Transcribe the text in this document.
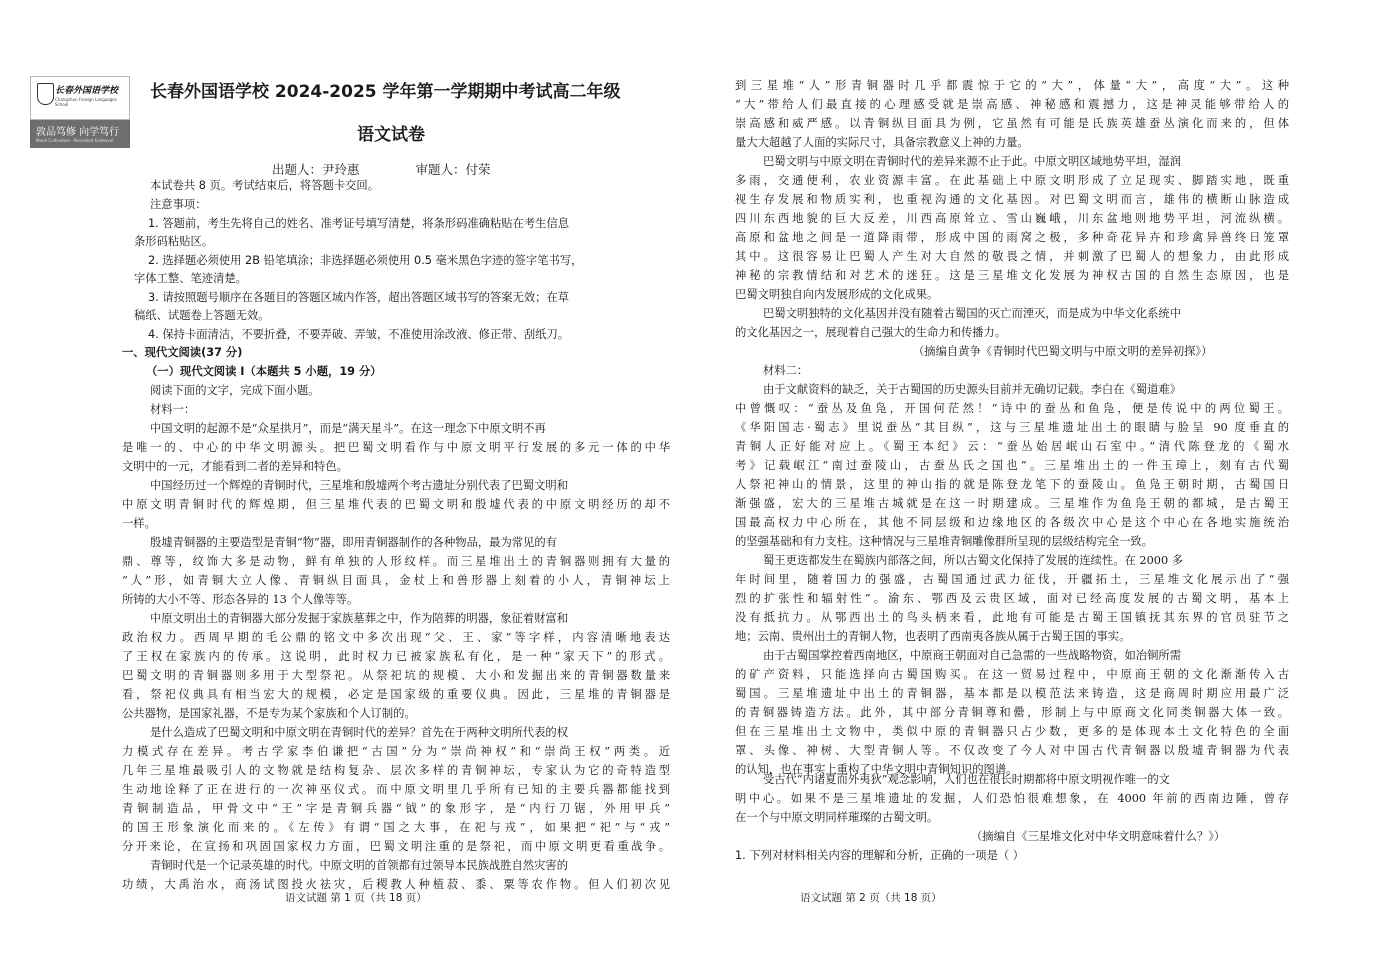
长春外国语学校
Changchun Foreign Languages School
敦品笃修 向学笃行
Moral Cultivation · Persistent Endeavor
长春外国语学校 2024-2025 学年第一学期期中考试高二年级
语文试卷
出题人：尹玲惠	审题人：付荣
本试卷共 8 页。考试结束后，将答题卡交回。
注意事项：
1. 答题前，考生先将自己的姓名、准考证号填写清楚，将条形码准确粘贴在考生信息
条形码粘贴区。
2. 选择题必须使用 2B 铅笔填涂；非选择题必须使用 0.5 毫米黑色字迹的签字笔书写，
字体工整、笔迹清楚。
3. 请按照题号顺序在各题目的答题区域内作答，超出答题区域书写的答案无效；在草
稿纸、试题卷上答题无效。
4. 保持卡面清洁，不要折叠，不要弄破、弄皱，不准使用涂改液、修正带、刮纸刀。
一、现代文阅读(37 分)
（一）现代文阅读 I（本题共 5 小题，19 分）
阅读下面的文字，完成下面小题。
材料一：
中国文明的起源不是“众星拱月”，而是“满天星斗”。在这一理念下中原文明不再
是唯一的、中心的中华文明源头。把巴蜀文明看作与中原文明平行发展的多元一体的中华
文明中的一元，才能看到二者的差异和特色。
中国经历过一个辉煌的青铜时代，三星堆和殷墟两个考古遗址分别代表了巴蜀文明和
中原文明青铜时代的辉煌期，但三星堆代表的巴蜀文明和殷墟代表的中原文明经历的却不
一样。
殷墟青铜器的主要造型是青铜“物”器，即用青铜器制作的各种物品，最为常见的有
鼎、尊等，纹饰大多是动物，鲜有单独的人形纹样。而三星堆出土的青铜器则拥有大量的
“人”形，如青铜大立人像、青铜纵目面具，金杖上和兽形器上刻着的小人，青铜神坛上
所铸的大小不等、形态各异的 13 个人像等等。
中原文明出土的青铜器大部分发掘于家族墓葬之中，作为陪葬的明器，象征着财富和
政治权力。西周早期的毛公鼎的铭文中多次出现“父、王、家”等字样，内容清晰地表达
了王权在家族内的传承。这说明，此时权力已被家族私有化，是一种“家天下”的形式。
巴蜀文明的青铜器则多用于大型祭祀。从祭祀坑的规模、大小和发掘出来的青铜器数量来
看，祭祀仪典具有相当宏大的规模，必定是国家级的重要仪典。因此，三星堆的青铜器是
公共器物，是国家礼器，不是专为某个家族和个人订制的。
是什么造成了巴蜀文明和中原文明在青铜时代的差异？首先在于两种文明所代表的权
力模式存在差异。考古学家李伯谦把“古国”分为“崇尚神权”和“崇尚王权”两类。近
几年三星堆最吸引人的文物就是结构复杂、层次多样的青铜神坛，专家认为它的奇特造型
生动地诠释了正在进行的一次神巫仪式。而中原文明里几乎所有已知的主要兵器都能找到
青铜制造品，甲骨文中“王”字是青铜兵器“钺”的象形字，是“内行刀锯，外用甲兵”
的国王形象演化而来的。《左传》有谓“国之大事，在祀与戎”，如果把“祀”与“戎”
分开来论，在宣扬和巩固国家权力方面，巴蜀文明注重的是祭祀，而中原文明更看重战争。
青铜时代是一个记录英雄的时代。中原文明的首领都有过领导本民族战胜自然灾害的
功绩，大禹治水，商汤试图投火祛灾，后稷教人种植菽、黍、粟等农作物。但人们初次见
到三星堆“人”形青铜器时几乎都震惊于它的“大”，体量“大”，高度“大”。这种
“大”带给人们最直接的心理感受就是崇高感、神秘感和震撼力，这是神灵能够带给人的
崇高感和威严感。以青铜纵目面具为例，它虽然有可能是氏族英雄蚕丛演化而来的，但体
量大大超越了人面的实际尺寸，具备宗教意义上神的力量。
巴蜀文明与中原文明在青铜时代的差异来源不止于此。中原文明区域地势平坦，湿润
多雨，交通便利，农业资源丰富。在此基础上中原文明形成了立足现实、脚踏实地，既重
视生存发展和物质实利，也重视沟通的文化基因。对巴蜀文明而言，雄伟的横断山脉造成
四川东西地貌的巨大反差，川西高原耸立、雪山巍峨，川东盆地则地势平坦，河流纵横。
高原和盆地之间是一道降雨带，形成中国的雨窝之极，多种奇花异卉和珍禽异兽终日笼罩
其中。这很容易让巴蜀人产生对大自然的敬畏之情，并刺激了巴蜀人的想象力，由此形成
神秘的宗教情结和对艺术的迷狂。这是三星堆文化发展为神权古国的自然生态原因，也是
巴蜀文明独自向内发展形成的文化成果。
巴蜀文明独特的文化基因并没有随着古蜀国的灭亡而湮灭，而是成为中华文化系统中
的文化基因之一，展现着自己强大的生命力和传播力。
（摘编自黄争《青铜时代巴蜀文明与中原文明的差异初探》）
材料二：
由于文献资料的缺乏，关于古蜀国的历史源头目前并无确切记载。李白在《蜀道难》
中曾慨叹：“蚕丛及鱼凫，开国何茫然！”诗中的蚕丛和鱼凫，便是传说中的两位蜀王。
《华阳国志·蜀志》里说蚕丛“其目纵”，这与三星堆遗址出土的眼睛与脸呈 90 度垂直的
青铜人正好能对应上。《蜀王本纪》云：“蚕丛始居岷山石室中。”清代陈登龙的《蜀水
考》记载岷江“南过蚕陵山，古蚕丛氏之国也”。三星堆出土的一件玉璋上，刻有古代蜀
人祭祀神山的情景，这里的神山指的就是陈登龙笔下的蚕陵山。鱼凫王朝时期，古蜀国日
渐强盛，宏大的三星堆古城就是在这一时期建成。三星堆作为鱼凫王朝的都城，是古蜀王
国最高权力中心所在，其他不同层级和边缘地区的各级次中心是这个中心在各地实施统治
的坚强基础和有力支柱。这种情况与三星堆青铜雕像群所呈现的层级结构完全一致。
蜀王更迭都发生在蜀族内部落之间，所以古蜀文化保持了发展的连续性。在 2000 多
年时间里，随着国力的强盛，古蜀国通过武力征伐，开疆拓土，三星堆文化展示出了“强
烈的扩张性和辐射性”。渝东、鄂西及云贵区域，面对已经高度发展的古蜀文明，基本上
没有抵抗力。从鄂西出土的鸟头柄来看，此地有可能是古蜀王国镇抚其东界的官员驻节之
地；云南、贵州出土的青铜人物，也表明了西南夷各族从属于古蜀王国的事实。
由于古蜀国掌控着西南地区，中原商王朝面对自己急需的一些战略物资，如冶铜所需
的矿产资料，只能选择向古蜀国购买。在这一贸易过程中，中原商王朝的文化渐渐传入古
蜀国。三星堆遗址中出土的青铜器，基本都是以模范法来铸造，这是商周时期应用最广泛
的青铜器铸造方法。此外，其中部分青铜尊和罍，形制上与中原商文化同类铜器大体一致。
但在三星堆出土文物中，类似中原的青铜器只占少数，更多的是体现本土文化特色的全面
罩、头像、神树、大型青铜人等。不仅改变了今人对中国古代青铜器以殷墟青铜器为代表
的认知，也在事实上重构了中华文明中青铜知识的图谱。
受古代“内诸夏而外夷狄”观念影响，人们也在很长时期都将中原文明视作唯一的文
明中心。如果不是三星堆遗址的发掘，人们恐怕很难想象，在 4000 年前的西南边陲，曾存
在一个与中原文明同样璀璨的古蜀文明。
（摘编自《三星堆文化对中华文明意味着什么？》）
1. 下列对材料相关内容的理解和分析，正确的一项是（ ）
语文试题 第 1 页（共 18 页）	语文试题 第 2 页（共 18 页）
